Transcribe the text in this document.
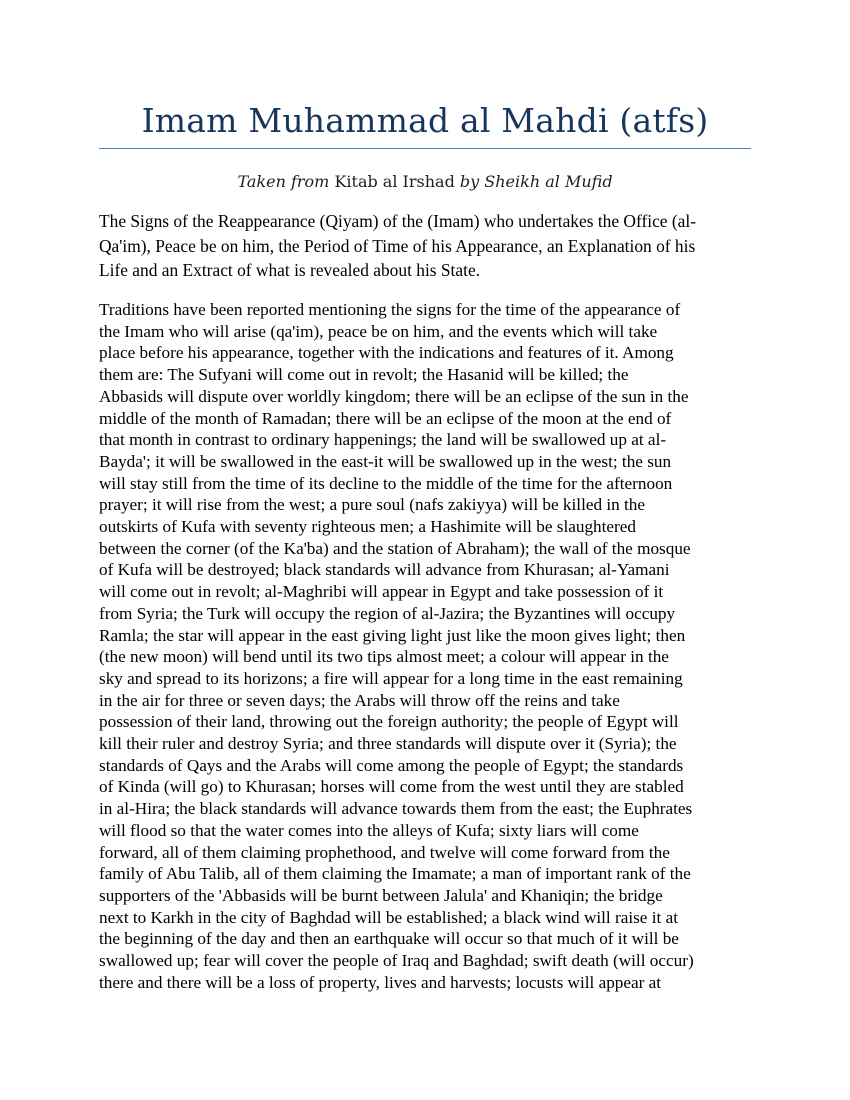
Imam Muhammad al Mahdi (atfs)
Taken from Kitab al Irshad by Sheikh al Mufid
The Signs of the Reappearance (Qiyam) of the (Imam) who undertakes the Office (al-
Qa'im), Peace be on him, the Period of Time of his Appearance, an Explanation of his
Life and an Extract of what is revealed about his State.
Traditions have been reported mentioning the signs for the time of the appearance of
the Imam who will arise (qa'im), peace be on him, and the events which will take
place before his appearance, together with the indications and features of it. Among
them are: The Sufyani will come out in revolt; the Hasanid will be killed; the
Abbasids will dispute over worldly kingdom; there will be an eclipse of the sun in the
middle of the month of Ramadan; there will be an eclipse of the moon at the end of
that month in contrast to ordinary happenings; the land will be swallowed up at al-
Bayda'; it will be swallowed in the east-it will be swallowed up in the west; the sun
will stay still from the time of its decline to the middle of the time for the afternoon
prayer; it will rise from the west; a pure soul (nafs zakiyya) will be killed in the
outskirts of Kufa with seventy righteous men; a Hashimite will be slaughtered
between the corner (of the Ka'ba) and the station of Abraham); the wall of the mosque
of Kufa will be destroyed; black standards will advance from Khurasan; al-Yamani
will come out in revolt; al-Maghribi will appear in Egypt and take possession of it
from Syria; the Turk will occupy the region of al-Jazira; the Byzantines will occupy
Ramla; the star will appear in the east giving light just like the moon gives light; then
(the new moon) will bend until its two tips almost meet; a colour will appear in the
sky and spread to its horizons; a fire will appear for a long time in the east remaining
in the air for three or seven days; the Arabs will throw off the reins and take
possession of their land, throwing out the foreign authority; the people of Egypt will
kill their ruler and destroy Syria; and three standards will dispute over it (Syria); the
standards of Qays and the Arabs will come among the people of Egypt; the standards
of Kinda (will go) to Khurasan; horses will come from the west until they are stabled
in al-Hira; the black standards will advance towards them from the east; the Euphrates
will flood so that the water comes into the alleys of Kufa; sixty liars will come
forward, all of them claiming prophethood, and twelve will come forward from the
family of Abu Talib, all of them claiming the Imamate; a man of important rank of the
supporters of the 'Abbasids will be burnt between Jalula' and Khaniqin; the bridge
next to Karkh in the city of Baghdad will be established; a black wind will raise it at
the beginning of the day and then an earthquake will occur so that much of it will be
swallowed up; fear will cover the people of Iraq and Baghdad; swift death (will occur)
there and there will be a loss of property, lives and harvests; locusts will appear at
